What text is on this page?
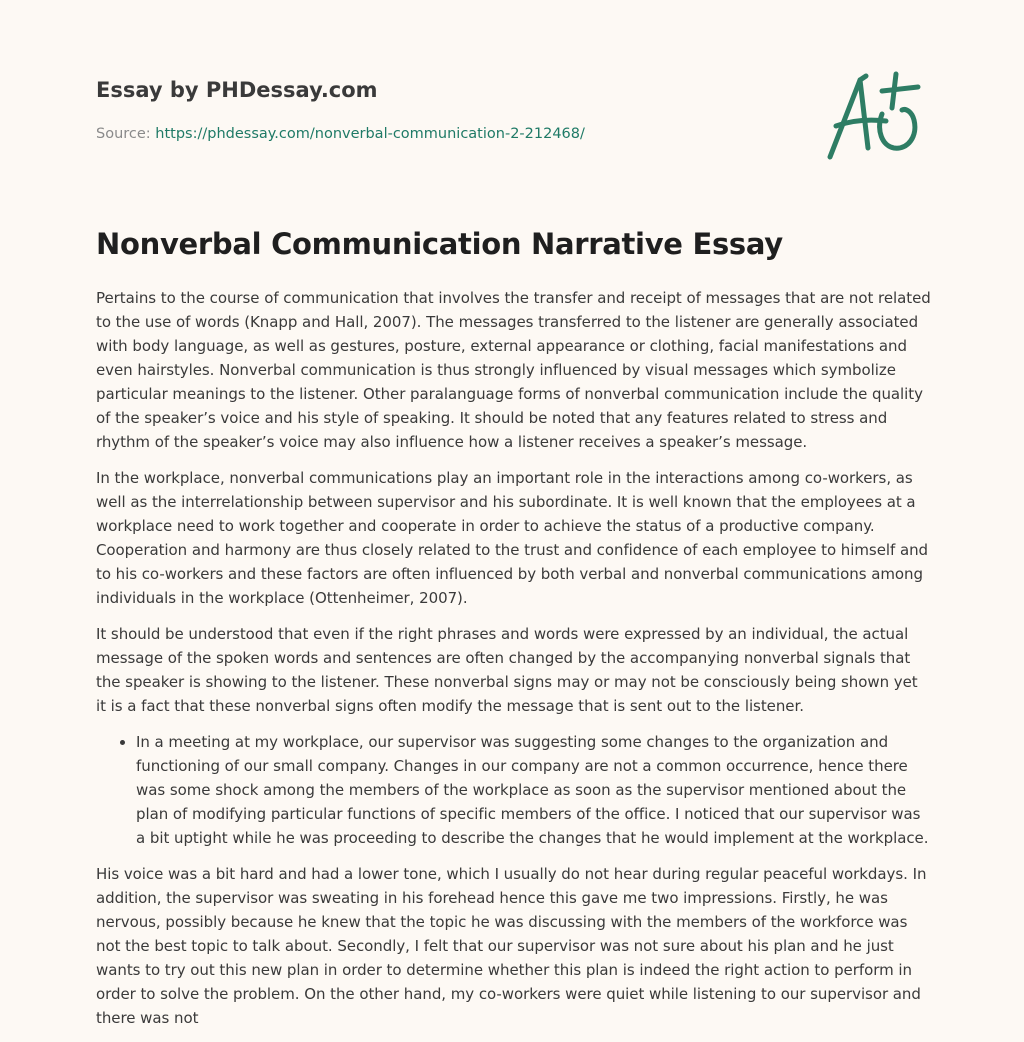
Essay by PHDessay.com
Source: https://phdessay.com/nonverbal-communication-2-212468/
Nonverbal Communication Narrative Essay

Pertains to the course of communication that involves the transfer and receipt of messages that are not related to the use of words (Knapp and Hall, 2007). The messages transferred to the listener are generally associated with body language, as well as gestures, posture, external appearance or clothing, facial manifestations and even hairstyles. Nonverbal communication is thus strongly influenced by visual messages which symbolize particular meanings to the listener. Other paralanguage forms of nonverbal communication include the quality of the speaker’s voice and his style of speaking. It should be noted that any features related to stress and rhythm of the speaker’s voice may also influence how a listener receives a speaker’s message.

In the workplace, nonverbal communications play an important role in the interactions among co-workers, as well as the interrelationship between supervisor and his subordinate. It is well known that the employees at a workplace need to work together and cooperate in order to achieve the status of a productive company. Cooperation and harmony are thus closely related to the trust and confidence of each employee to himself and to his co-workers and these factors are often influenced by both verbal and nonverbal communications among individuals in the workplace (Ottenheimer, 2007).

It should be understood that even if the right phrases and words were expressed by an individual, the actual message of the spoken words and sentences are often changed by the accompanying nonverbal signals that the speaker is showing to the listener. These nonverbal signs may or may not be consciously being shown yet it is a fact that these nonverbal signs often modify the message that is sent out to the listener.

• In a meeting at my workplace, our supervisor was suggesting some changes to the organization and functioning of our small company. Changes in our company are not a common occurrence, hence there was some shock among the members of the workplace as soon as the supervisor mentioned about the plan of modifying particular functions of specific members of the office. I noticed that our supervisor was a bit uptight while he was proceeding to describe the changes that he would implement at the workplace.

His voice was a bit hard and had a lower tone, which I usually do not hear during regular peaceful workdays. In addition, the supervisor was sweating in his forehead hence this gave me two impressions. Firstly, he was nervous, possibly because he knew that the topic he was discussing with the members of the workforce was not the best topic to talk about. Secondly, I felt that our supervisor was not sure about his plan and he just wants to try out this new plan in order to determine whether this plan is indeed the right action to perform in order to solve the problem. On the other hand, my co-workers were quiet while listening to our supervisor and there was not
